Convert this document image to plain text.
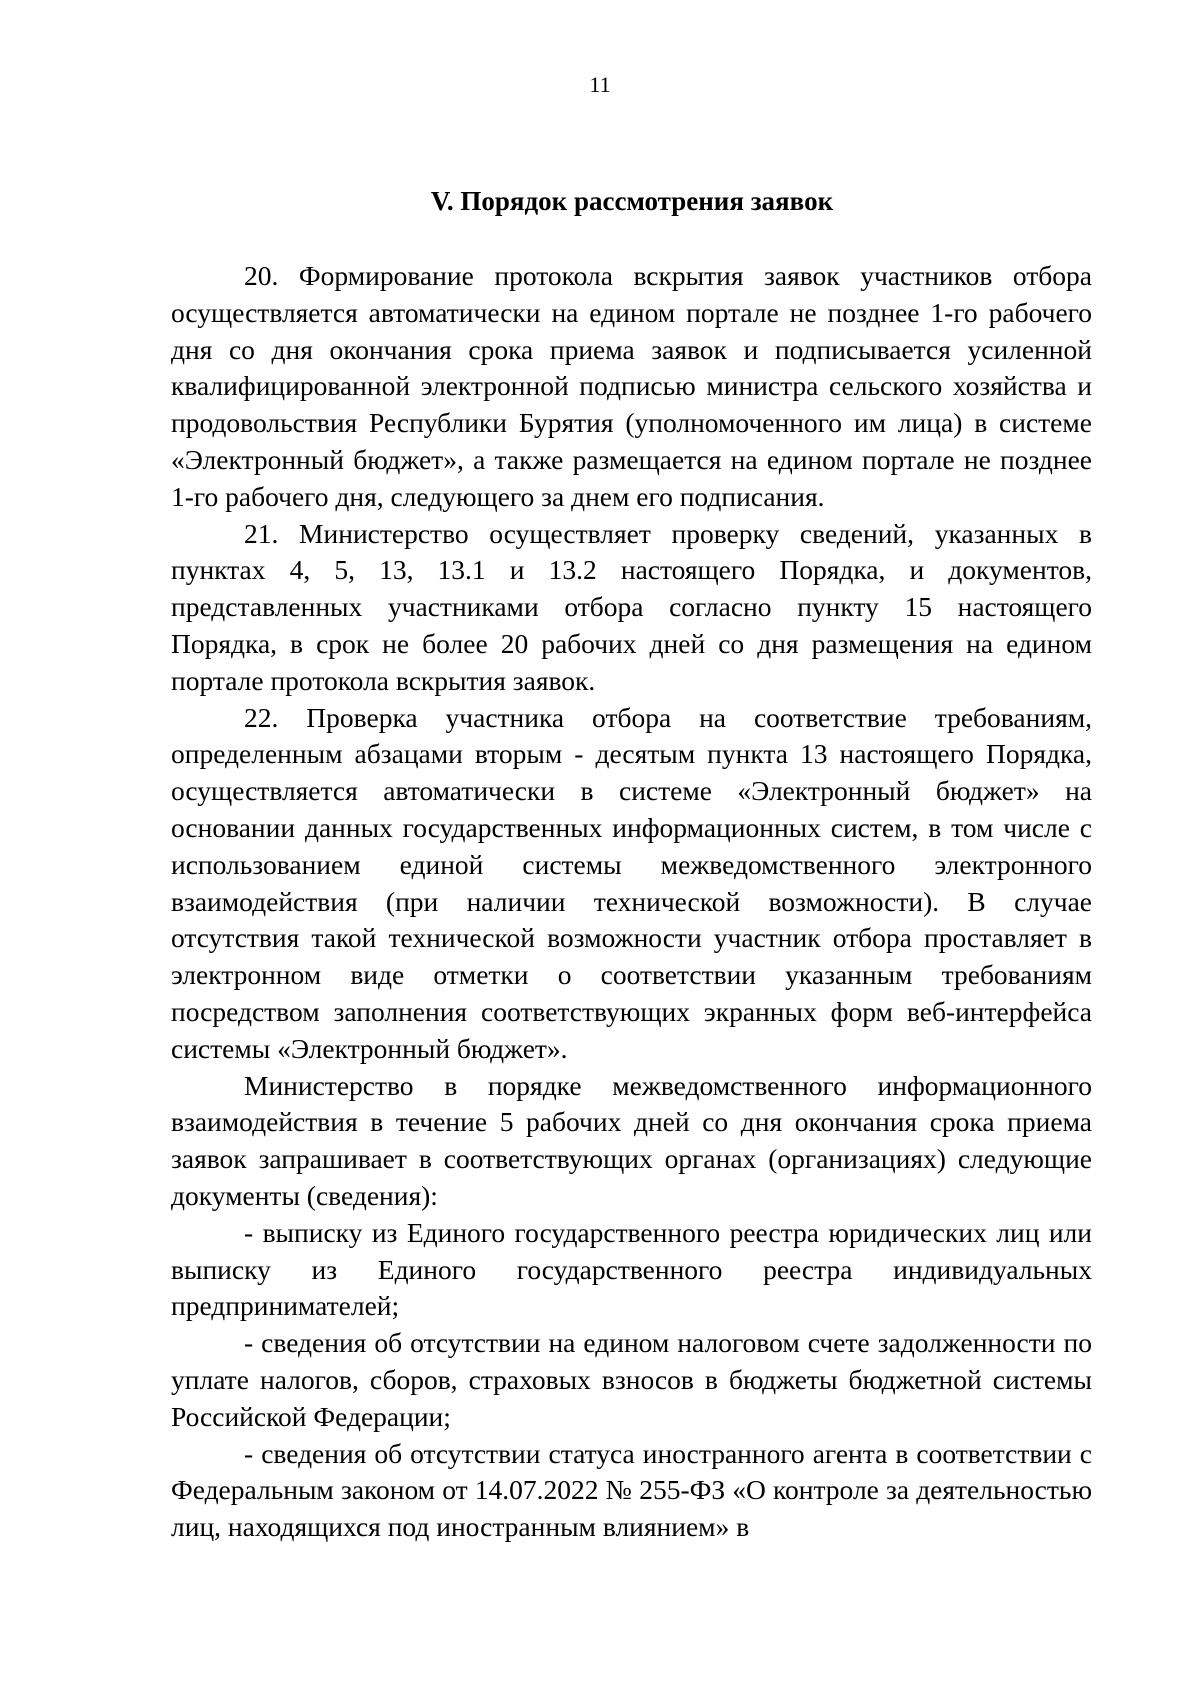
11
V. Порядок рассмотрения заявок

20. Формирование протокола вскрытия заявок участников отбора осуществляется автоматически на едином портале не позднее 1-го рабочего дня со дня окончания срока приема заявок и подписывается усиленной квалифицированной электронной подписью министра сельского хозяйства и продовольствия Республики Бурятия (уполномоченного им лица) в системе «Электронный бюджет», а также размещается на едином портале не позднее 1-го рабочего дня, следующего за днем его подписания.

21. Министерство осуществляет проверку сведений, указанных в пунктах 4, 5, 13, 13.1 и 13.2 настоящего Порядка, и документов, представленных участниками отбора согласно пункту 15 настоящего Порядка, в срок не более 20 рабочих дней со дня размещения на едином портале протокола вскрытия заявок.

22. Проверка участника отбора на соответствие требованиям, определенным абзацами вторым - десятым пункта 13 настоящего Порядка, осуществляется автоматически в системе «Электронный бюджет» на основании данных государственных информационных систем, в том числе с использованием единой системы межведомственного электронного взаимодействия (при наличии технической возможности). В случае отсутствия такой технической возможности участник отбора проставляет в электронном виде отметки о соответствии указанным требованиям посредством заполнения соответствующих экранных форм веб-интерфейса системы «Электронный бюджет».

Министерство в порядке межведомственного информационного взаимодействия в течение 5 рабочих дней со дня окончания срока приема заявок запрашивает в соответствующих органах (организациях) следующие документы (сведения):

- выписку из Единого государственного реестра юридических лиц или выписку из Единого государственного реестра индивидуальных предпринимателей;

- сведения об отсутствии на едином налоговом счете задолженности по уплате налогов, сборов, страховых взносов в бюджеты бюджетной системы Российской Федерации;

- сведения об отсутствии статуса иностранного агента в соответствии с Федеральным законом от 14.07.2022 № 255-ФЗ «О контроле за деятельностью лиц, находящихся под иностранным влиянием» в
